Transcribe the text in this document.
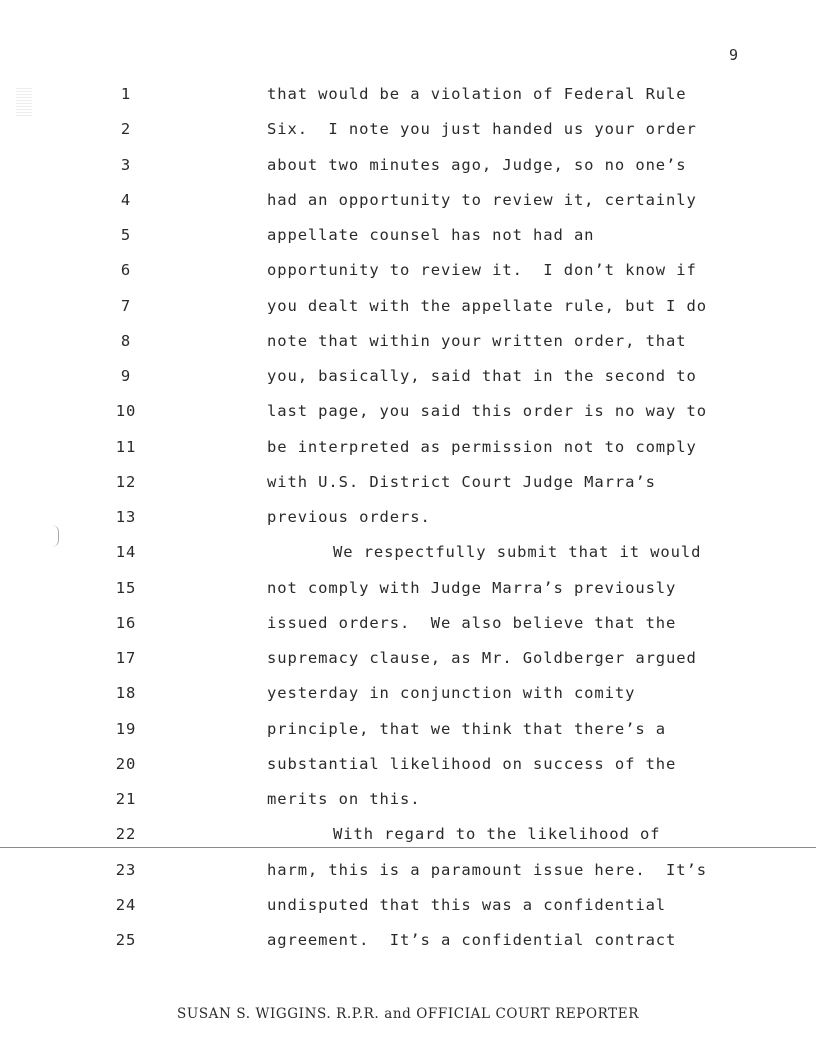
9
1	that would be a violation of Federal Rule
2	Six.  I note you just handed us your order
3	about two minutes ago, Judge, so no one’s
4	had an opportunity to review it, certainly
5	appellate counsel has not had an
6	opportunity to review it.  I don’t know if
7	you dealt with the appellate rule, but I do
8	note that within your written order, that
9	you, basically, said that in the second to
10	last page, you said this order is no way to
11	be interpreted as permission not to comply
12	with U.S. District Court Judge Marra’s
13	previous orders.
14	We respectfully submit that it would
15	not comply with Judge Marra’s previously
16	issued orders.  We also believe that the
17	supremacy clause, as Mr. Goldberger argued
18	yesterday in conjunction with comity
19	principle, that we think that there’s a
20	substantial likelihood on success of the
21	merits on this.
22	With regard to the likelihood of
23	harm, this is a paramount issue here.  It’s
24	undisputed that this was a confidential
25	agreement.  It’s a confidential contract
SUSAN S. WIGGINS. R.P.R. and OFFICIAL COURT REPORTER
